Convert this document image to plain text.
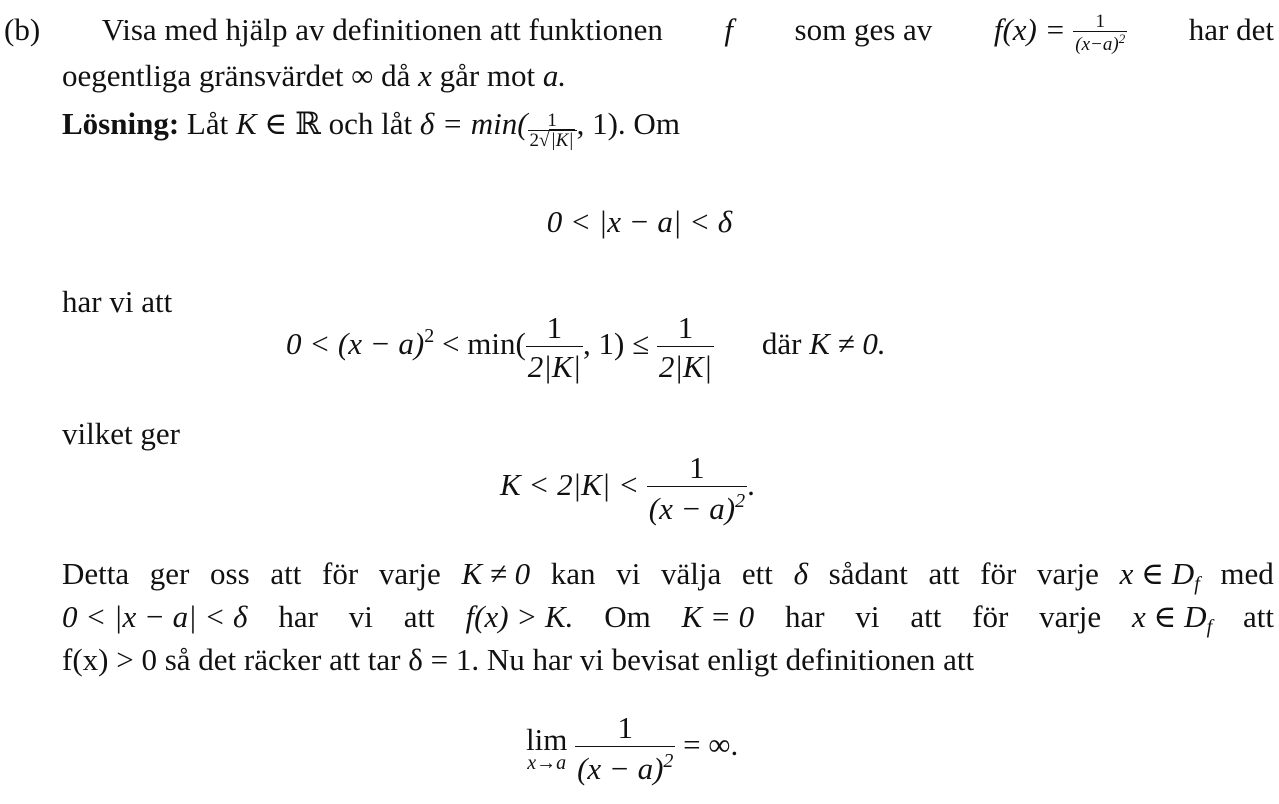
(b) Visa med hjälp av definitionen att funktionen f som ges av $f(x) = \frac{1}{(x-a)^2}$ har det
oegentliga gränsvärdet ∞ då x går mot a.
Lösning: Låt K ∈ ℝ och låt $\delta = \min( \frac{1}{2√|K|}$ , 1). Om
0 < |x − a| < δ
har vi att
$0 < (x - a)^2 < \min( \frac{1}{2|K|}$ , $1) \le \frac{1}{2|K|}$ där K ≠ 0.
vilket ger
$K < 2|K| < \frac{1}{(x - a)^2}$ .
Detta ger oss att för varje K ≠ 0 kan vi välja ett δ sådant att för varje x ∈ $D_f$ med
0 < |x − a| < δ har vi att f(x) > K. Om K = 0 har vi att för varje x ∈ $D_f$ att
f(x) > 0 så det räcker att tar δ = 1. Nu har vi bevisat enligt definitionen att
lim
x→a
$\frac{1}{(x - a)^2}$ = ∞.
